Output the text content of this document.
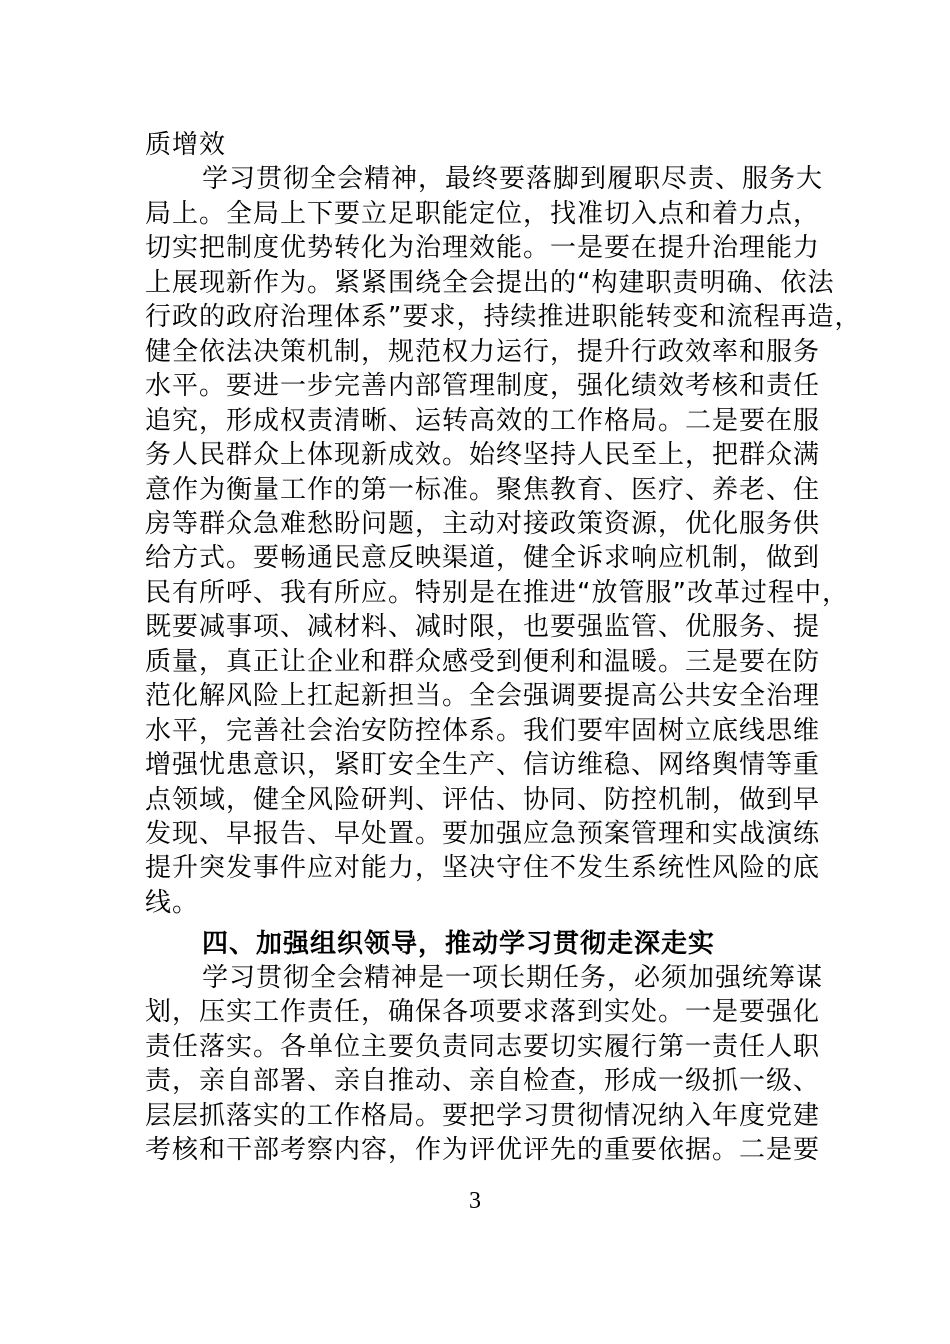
质增效
学习贯彻全会精神，最终要落脚到履职尽责、服务大
局上。全局上下要立足职能定位，找准切入点和着力点，
切实把制度优势转化为治理效能。一是要在提升治理能力
上展现新作为。紧紧围绕全会提出的“构建职责明确、依法
行政的政府治理体系”要求，持续推进职能转变和流程再造，
健全依法决策机制，规范权力运行，提升行政效率和服务
水平。要进一步完善内部管理制度，强化绩效考核和责任
追究，形成权责清晰、运转高效的工作格局。二是要在服
务人民群众上体现新成效。始终坚持人民至上，把群众满
意作为衡量工作的第一标准。聚焦教育、医疗、养老、住
房等群众急难愁盼问题，主动对接政策资源，优化服务供
给方式。要畅通民意反映渠道，健全诉求响应机制，做到
民有所呼、我有所应。特别是在推进“放管服”改革过程中，
既要减事项、减材料、减时限，也要强监管、优服务、提
质量，真正让企业和群众感受到便利和温暖。三是要在防
范化解风险上扛起新担当。全会强调要提高公共安全治理
水平，完善社会治安防控体系。我们要牢固树立底线思维
增强忧患意识，紧盯安全生产、信访维稳、网络舆情等重
点领域，健全风险研判、评估、协同、防控机制，做到早
发现、早报告、早处置。要加强应急预案管理和实战演练
提升突发事件应对能力，坚决守住不发生系统性风险的底
线。
四、加强组织领导，推动学习贯彻走深走实
学习贯彻全会精神是一项长期任务，必须加强统筹谋
划，压实工作责任，确保各项要求落到实处。一是要强化
责任落实。各单位主要负责同志要切实履行第一责任人职
责，亲自部署、亲自推动、亲自检查，形成一级抓一级、
层层抓落实的工作格局。要把学习贯彻情况纳入年度党建
考核和干部考察内容，作为评优评先的重要依据。二是要
3
